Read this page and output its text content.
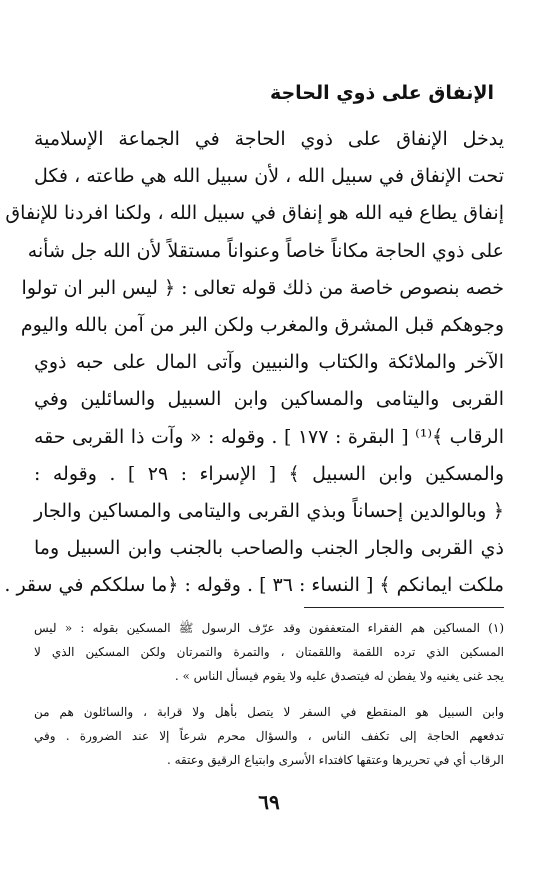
الإنفاق على ذوي الحاجة
يدخل الإنفاق على ذوي الحاجة في الجماعة الإسلامية
تحت الإنفاق في سبيل الله ، لأن سبيل الله هي طاعته ، فكل
إنفاق يطاع فيه الله هو إنفاق في سبيل الله ، ولكنا افردنا للإنفاق
على ذوي الحاجة مكاناً خاصاً وعنواناً مستقلاً لأن الله جل شأنه
خصه بنصوص خاصة من ذلك قوله تعالى : ﴿ ليس البر ان تولوا
وجوهكم قبل المشرق والمغرب ولكن البر من آمن بالله واليوم
الآخر والملائكة والكتاب والنبيين وآتى المال على حبه ذوي
القربى واليتامى والمساكين وابن السبيل والسائلين وفي
الرقاب ﴾⁽¹⁾ [ البقرة : ١٧٧ ] . وقوله : « وآت ذا القربى حقه
والمسكين وابن السبيل ﴾ [ الإسراء : ٢٩ ] . وقوله :
﴿ وبالوالدين إحساناً وبذي القربى واليتامى والمساكين والجار
ذي القربى والجار الجنب والصاحب بالجنب وابن السبيل وما
ملكت ايمانكم ﴾ [ النساء : ٣٦ ] . وقوله : ﴿ما سلككم في سقر .
(١) المساكين هم الفقراء المتعففون وقد عرّف الرسول ﷺ المسكين بقوله : « ليس
المسكين الذي ترده اللقمة واللقمتان ، والتمرة والتمرتان ولكن المسكين الذي لا
يجد غنى يغنيه ولا يفطن له فيتصدق عليه ولا يقوم فيسأل الناس » .
وابن السبيل هو المنقطع في السفر لا يتصل بأهل ولا قرابة ، والسائلون هم من
تدفعهم الحاجة إلى تكفف الناس ، والسؤال محرم شرعاً إلا عند الضرورة . وفي
الرقاب أي في تحريرها وعتقها كافتداء الأسرى وابتياع الرقيق وعتقه .
٦٩
